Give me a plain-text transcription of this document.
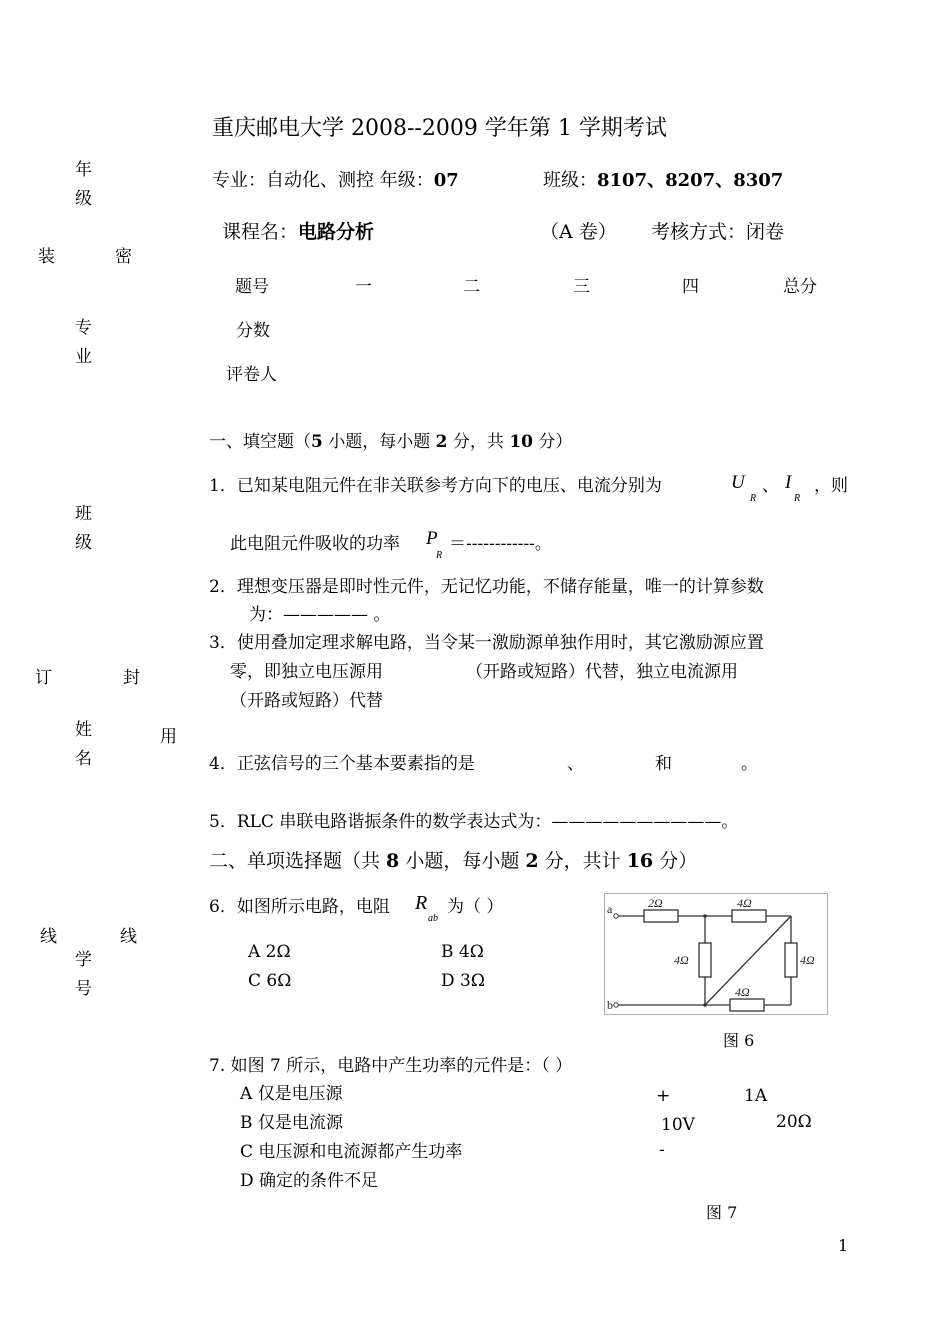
年
级
装	密
专
业
班
级
订	封
姓	用
名
线	线
学
号
重庆邮电大学 2008--2009 学年第 1 学期考试
专业：自动化、测控 年级：07	班级：8107、8207、8307
课程名：电路分析	（A 卷） 考核方式：闭卷
题号	一	二	三	四	总分
分数
评卷人
一、填空题（5 小题，每小题 2 分，共 10 分）
1．已知某电阻元件在非关联参考方向下的电压、电流分别为	U
R
、 I
R
，则
此电阻元件吸收的功率 P
R
＝------------。
2．理想变压器是即时性元件，无记忆功能，不储存能量，唯一的计算参数
为：————— 。
3．使用叠加定理求解电路，当令某一激励源单独作用时，其它激励源应置
零，即独立电压源用	（开路或短路）代替，独立电流源用
（开路或短路）代替
4．正弦信号的三个基本要素指的是	、	和	。
5．RLC 串联电路谐振条件的数学表达式为：——————————。
二、单项选择题（共 8 小题，每小题 2 分，共计 16 分）
6．如图所示电路，电阻 R
ab
为（ ）
A 2Ω	B 4Ω
C 6Ω	D 3Ω
a
b
2Ω	4Ω
4Ω	4Ω
4Ω
图 6
7. 如图 7 所示，电路中产生功率的元件是：（ ）
A 仅是电压源
B 仅是电流源
C 电压源和电流源都产生功率
D 确定的条件不足
+	1A
10V	20Ω
-
图 7
1
